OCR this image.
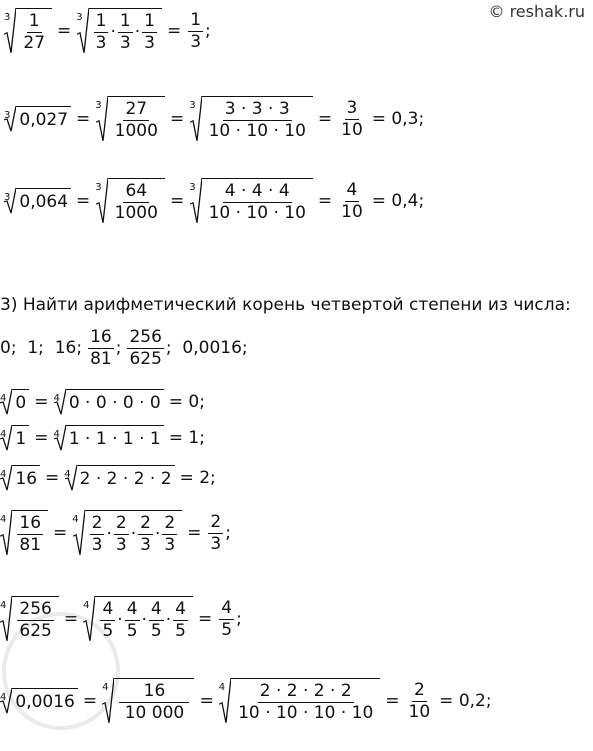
© reshak.ru
$3 \frac{1}{27}$ =
$3 \frac{1}{3} \cdot \frac{1}{3} \cdot \frac{1}{3} = \frac{1}{3}$ ;
3 0,027 =
$3 \frac{27}{1000}$ =
$3 \frac{3 \cdot 3 \cdot 3}{10 \cdot 10 \cdot 10} = \frac{3}{10} = 0,3$;
3 0,064 =
$3 \frac{64}{1000}$ =
$3 \frac{4 \cdot 4 \cdot 4}{10 \cdot 10 \cdot 10} = \frac{4}{10} = 0,4$;
3) Найти арифметический корень четвертой степени из числа:
0;  1;  16; $\frac{16}{81}$ ; $\frac{256}{625}$ ;  0,0016;
4 0 = 4 0 · 0 · 0 · 0 = 0;
4 1 = 4 1 · 1 · 1 · 1 = 1;
4 16 = 4 2 · 2 · 2 · 2 = 2;
$4 \frac{16}{81}$ =
$4 \frac{2}{3} \cdot \frac{2}{3} \cdot \frac{2}{3} \cdot \frac{2}{3} = \frac{2}{3}$ ;
$4 \frac{256}{625}$ =
$4 \frac{4}{5} \cdot \frac{4}{5} \cdot \frac{4}{5} \cdot \frac{4}{5} = \frac{4}{5}$ ;
4 0,0016 =
$4 \frac{16}{10 000}$ =
$4 \frac{2 \cdot 2 \cdot 2 \cdot 2}{10 \cdot 10 \cdot 10 \cdot 10} = \frac{2}{10} = 0,2$;
